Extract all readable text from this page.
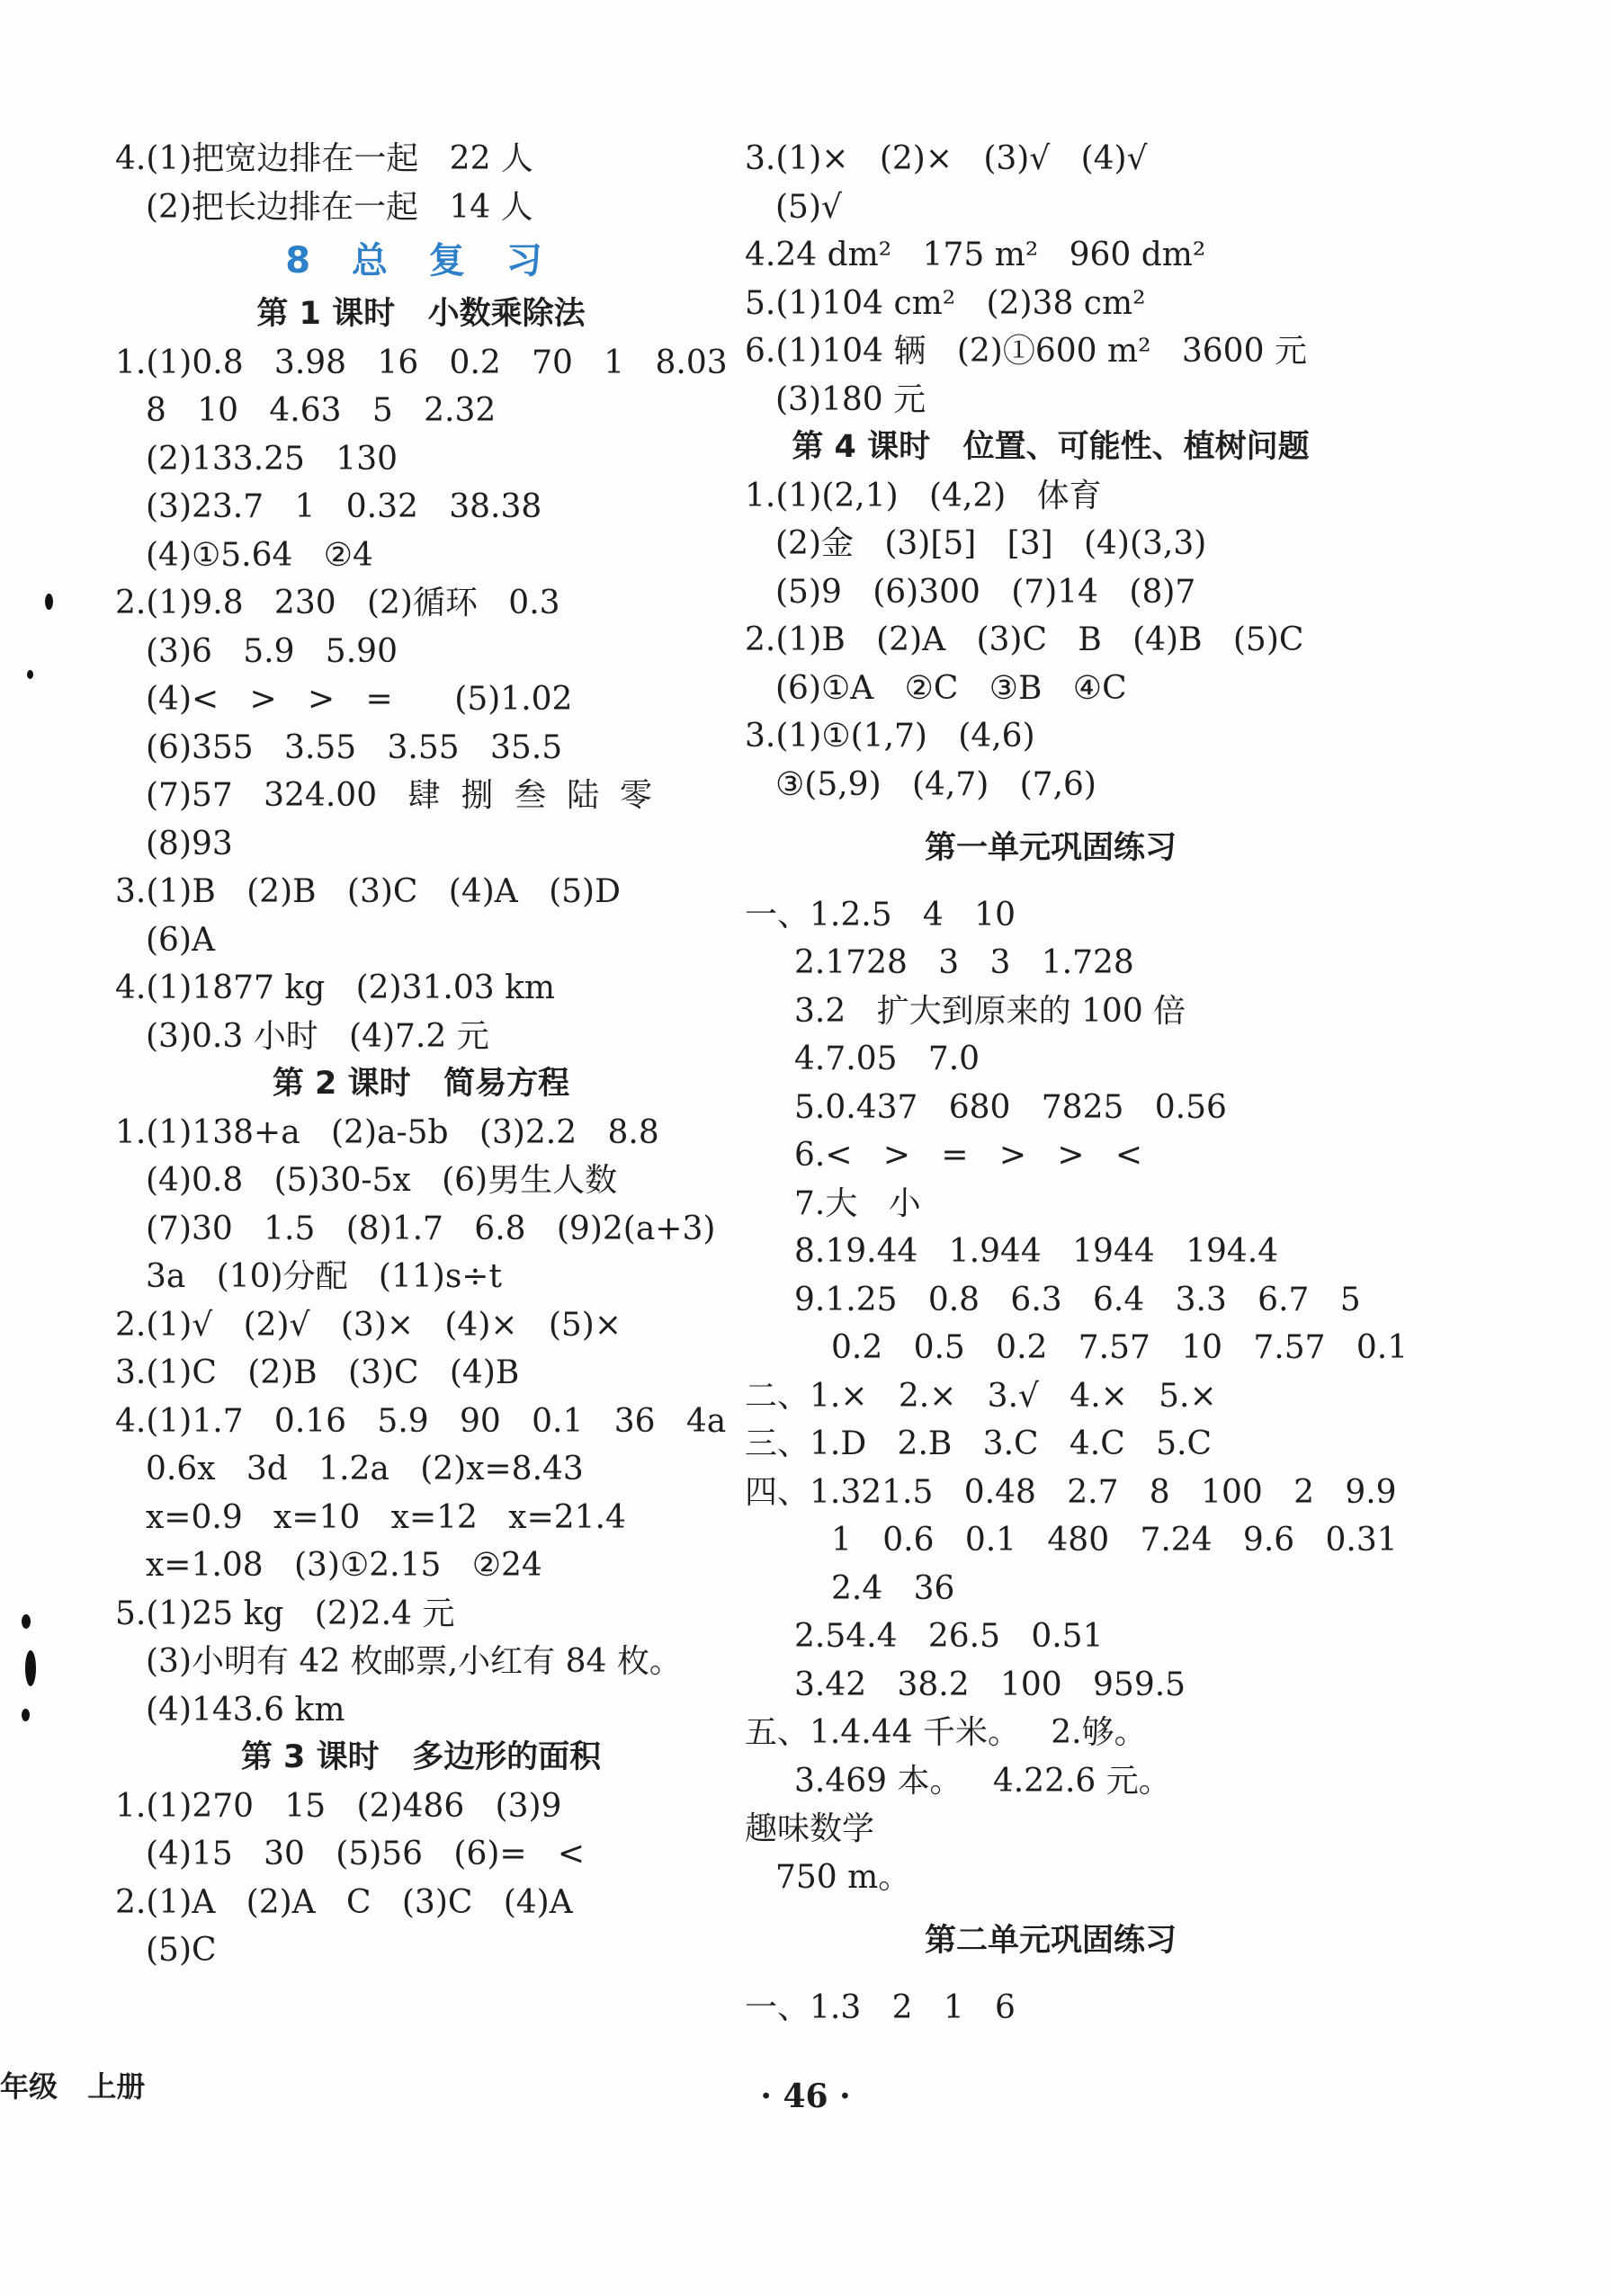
4.(1)把宽边排在一起   22 人
(2)把长边排在一起   14 人
8 总 复 习
第 1 课时   小数乘除法
1.(1)0.8   3.98   16   0.2   70   1   8.03
8   10   4.63   5   2.32
(2)133.25   130
(3)23.7   1   0.32   38.38
(4)①5.64   ②4
2.(1)9.8   230   (2)循环   0.3
(3)6   5.9   5.90
(4)<   >   >   =      (5)1.02
(6)355   3.55   3.55   35.5
(7)57   324.00   肆  捌  叁  陆  零
(8)93
3.(1)B   (2)B   (3)C   (4)A   (5)D
(6)A
4.(1)1877 kg   (2)31.03 km
(3)0.3 小时   (4)7.2 元
第 2 课时   简易方程
1.(1)138+a   (2)a-5b   (3)2.2   8.8
(4)0.8   (5)30-5x   (6)男生人数
(7)30   1.5   (8)1.7   6.8   (9)2(a+3)
3a   (10)分配   (11)s÷t
2.(1)√   (2)√   (3)×   (4)×   (5)×
3.(1)C   (2)B   (3)C   (4)B
4.(1)1.7   0.16   5.9   90   0.1   36   4a
0.6x   3d   1.2a   (2)x=8.43
x=0.9   x=10   x=12   x=21.4
x=1.08   (3)①2.15   ②24
5.(1)25 kg   (2)2.4 元
(3)小明有 42 枚邮票,小红有 84 枚。
(4)143.6 km
第 3 课时   多边形的面积
1.(1)270   15   (2)486   (3)9
(4)15   30   (5)56   (6)=   <
2.(1)A   (2)A   C   (3)C   (4)A
(5)C
3.(1)×   (2)×   (3)√   (4)√
(5)√
4.24 dm²   175 m²   960 dm²
5.(1)104 cm²   (2)38 cm²
6.(1)104 辆   (2)①600 m²   3600 元
(3)180 元
第 4 课时   位置、可能性、植树问题
1.(1)(2,1)   (4,2)   体育
(2)金   (3)[5]   [3]   (4)(3,3)
(5)9   (6)300   (7)14   (8)7
2.(1)B   (2)A   (3)C   B   (4)B   (5)C
(6)①A   ②C   ③B   ④C
3.(1)①(1,7)   (4,6)
③(5,9)   (4,7)   (7,6)
第一单元巩固练习
一、1.2.5   4   10
2.1728   3   3   1.728
3.2   扩大到原来的 100 倍
4.7.05   7.0
5.0.437   680   7825   0.56
6.<   >   =   >   >   <
7.大   小
8.19.44   1.944   1944   194.4
9.1.25   0.8   6.3   6.4   3.3   6.7   5
0.2   0.5   0.2   7.57   10   7.57   0.1
二、1.×   2.×   3.√   4.×   5.×
三、1.D   2.B   3.C   4.C   5.C
四、1.321.5   0.48   2.7   8   100   2   9.9
1   0.6   0.1   480   7.24   9.6   0.31
2.4   36
2.54.4   26.5   0.51
3.42   38.2   100   959.5
五、1.4.44 千米。   2.够。
3.469 本。   4.22.6 元。
趣味数学
750 m。
第二单元巩固练习
一、1.3   2   1   6
年级   上册	· 46 ·
